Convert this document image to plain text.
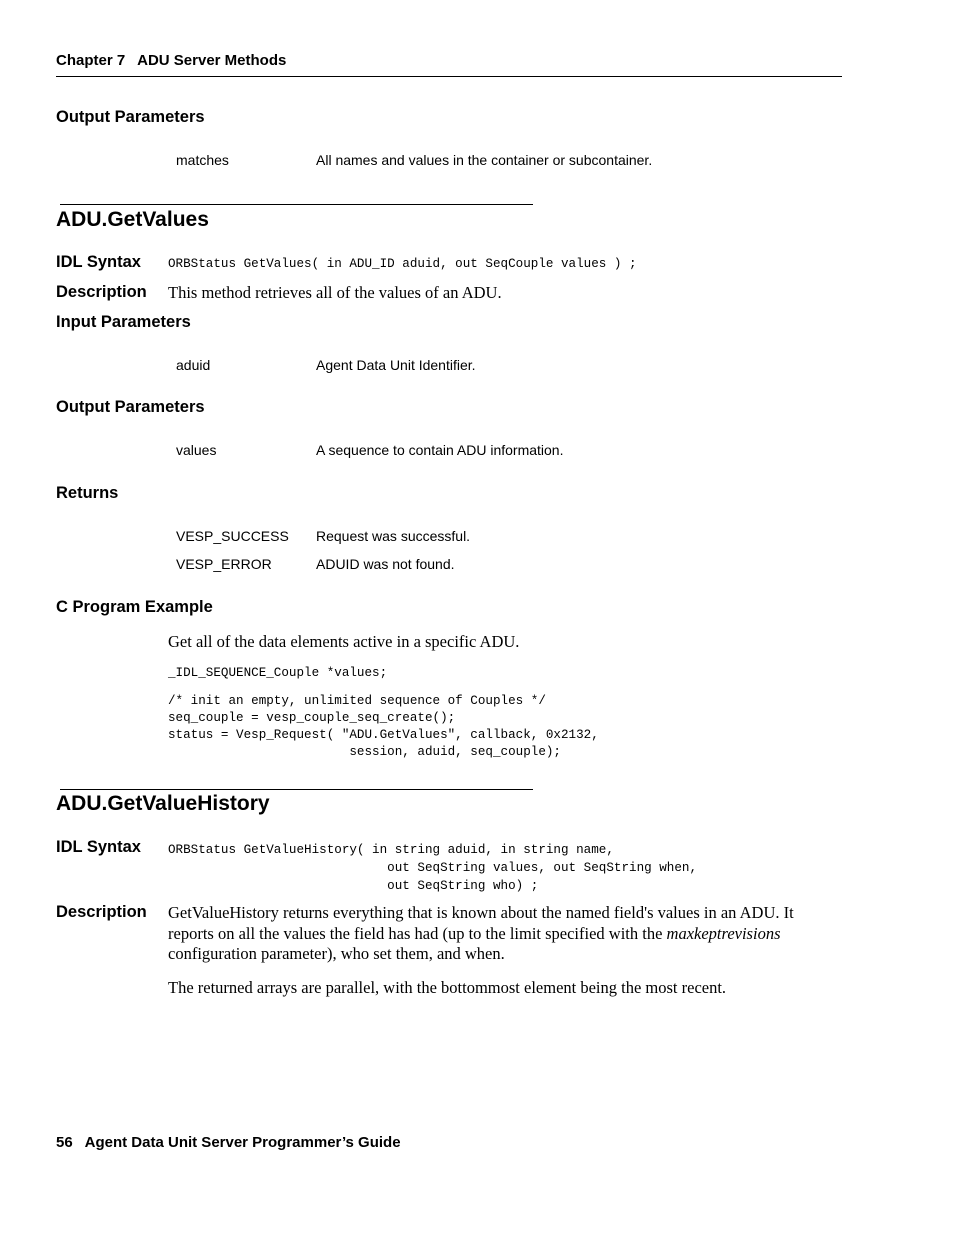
Chapter 7 ADU Server Methods
Output Parameters
matches	All names and values in the container or subcontainer.
ADU.GetValues
IDL Syntax ORBStatus GetValues( in ADU_ID aduid, out SeqCouple values ) ;
Description This method retrieves all of the values of an ADU.
Input Parameters
aduid	Agent Data Unit Identifier.
Output Parameters
values	A sequence to contain ADU information.
Returns
VESP_SUCCESS Request was successful.
VESP_ERROR	ADUID was not found.
C Program Example
Get all of the data elements active in a specific ADU.
_IDL_SEQUENCE_Couple *values;
/* init an empty, unlimited sequence of Couples */
seq_couple = vesp_couple_seq_create();
status = Vesp_Request( "ADU.GetValues", callback, 0x2132,
session, aduid, seq_couple);
ADU.GetValueHistory
IDL Syntax ORBStatus GetValueHistory( in string aduid, in string name,
out SeqString values, out SeqString when,
out SeqString who) ;
Description GetValueHistory returns everything that is known about the named field's values in an ADU. It reports on all the values the field has had (up to the limit specified with the maxkeptrevisions configuration parameter), who set them, and when.
The returned arrays are parallel, with the bottommost element being the most recent.
56 Agent Data Unit Server Programmer’s Guide
